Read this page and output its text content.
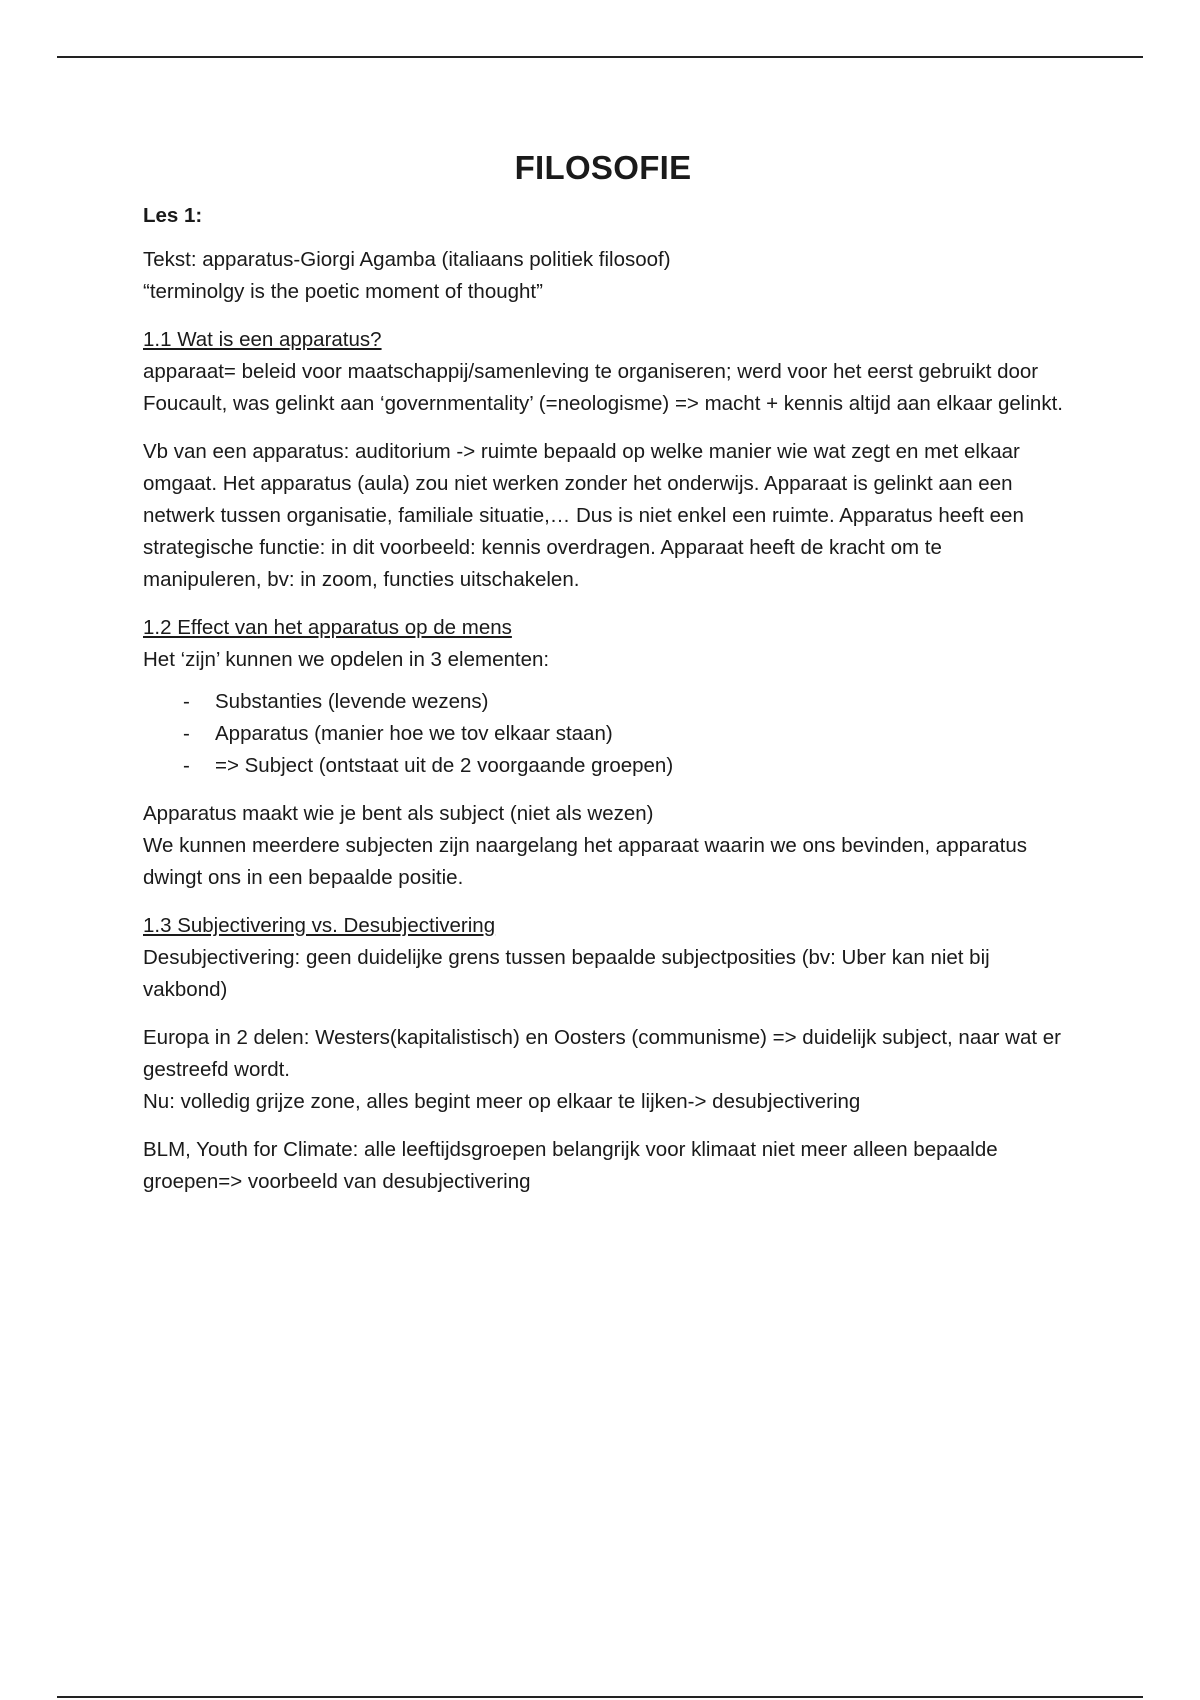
FILOSOFIE
Les 1:

Tekst: apparatus-Giorgi Agamba (italiaans politiek filosoof)
“terminolgy is the poetic moment of thought”

1.1 Wat is een apparatus?
apparaat= beleid voor maatschappij/samenleving te organiseren; werd voor het eerst gebruikt door Foucault, was gelinkt aan ‘governmentality’ (=neologisme) => macht + kennis altijd aan elkaar gelinkt.

Vb van een apparatus: auditorium -> ruimte bepaald op welke manier wie wat zegt en met elkaar omgaat. Het apparatus (aula) zou niet werken zonder het onderwijs. Apparaat is gelinkt aan een netwerk tussen organisatie, familiale situatie,… Dus is niet enkel een ruimte. Apparatus heeft een strategische functie: in dit voorbeeld: kennis overdragen. Apparaat heeft de kracht om te manipuleren, bv: in zoom, functies uitschakelen.

1.2 Effect van het apparatus op de mens
Het ‘zijn’ kunnen we opdelen in 3 elementen:

- Substanties (levende wezens)
- Apparatus (manier hoe we tov elkaar staan)
- => Subject (ontstaat uit de 2 voorgaande groepen)

Apparatus maakt wie je bent als subject (niet als wezen)
We kunnen meerdere subjecten zijn naargelang het apparaat waarin we ons bevinden, apparatus dwingt ons in een bepaalde positie.

1.3 Subjectivering vs. Desubjectivering
Desubjectivering: geen duidelijke grens tussen bepaalde subjectposities (bv: Uber kan niet bij vakbond)

Europa in 2 delen: Westers(kapitalistisch) en Oosters (communisme) => duidelijk subject, naar wat er gestreefd wordt.
Nu: volledig grijze zone, alles begint meer op elkaar te lijken-> desubjectivering

BLM, Youth for Climate: alle leeftijdsgroepen belangrijk voor klimaat niet meer alleen bepaalde groepen=> voorbeeld van desubjectivering
